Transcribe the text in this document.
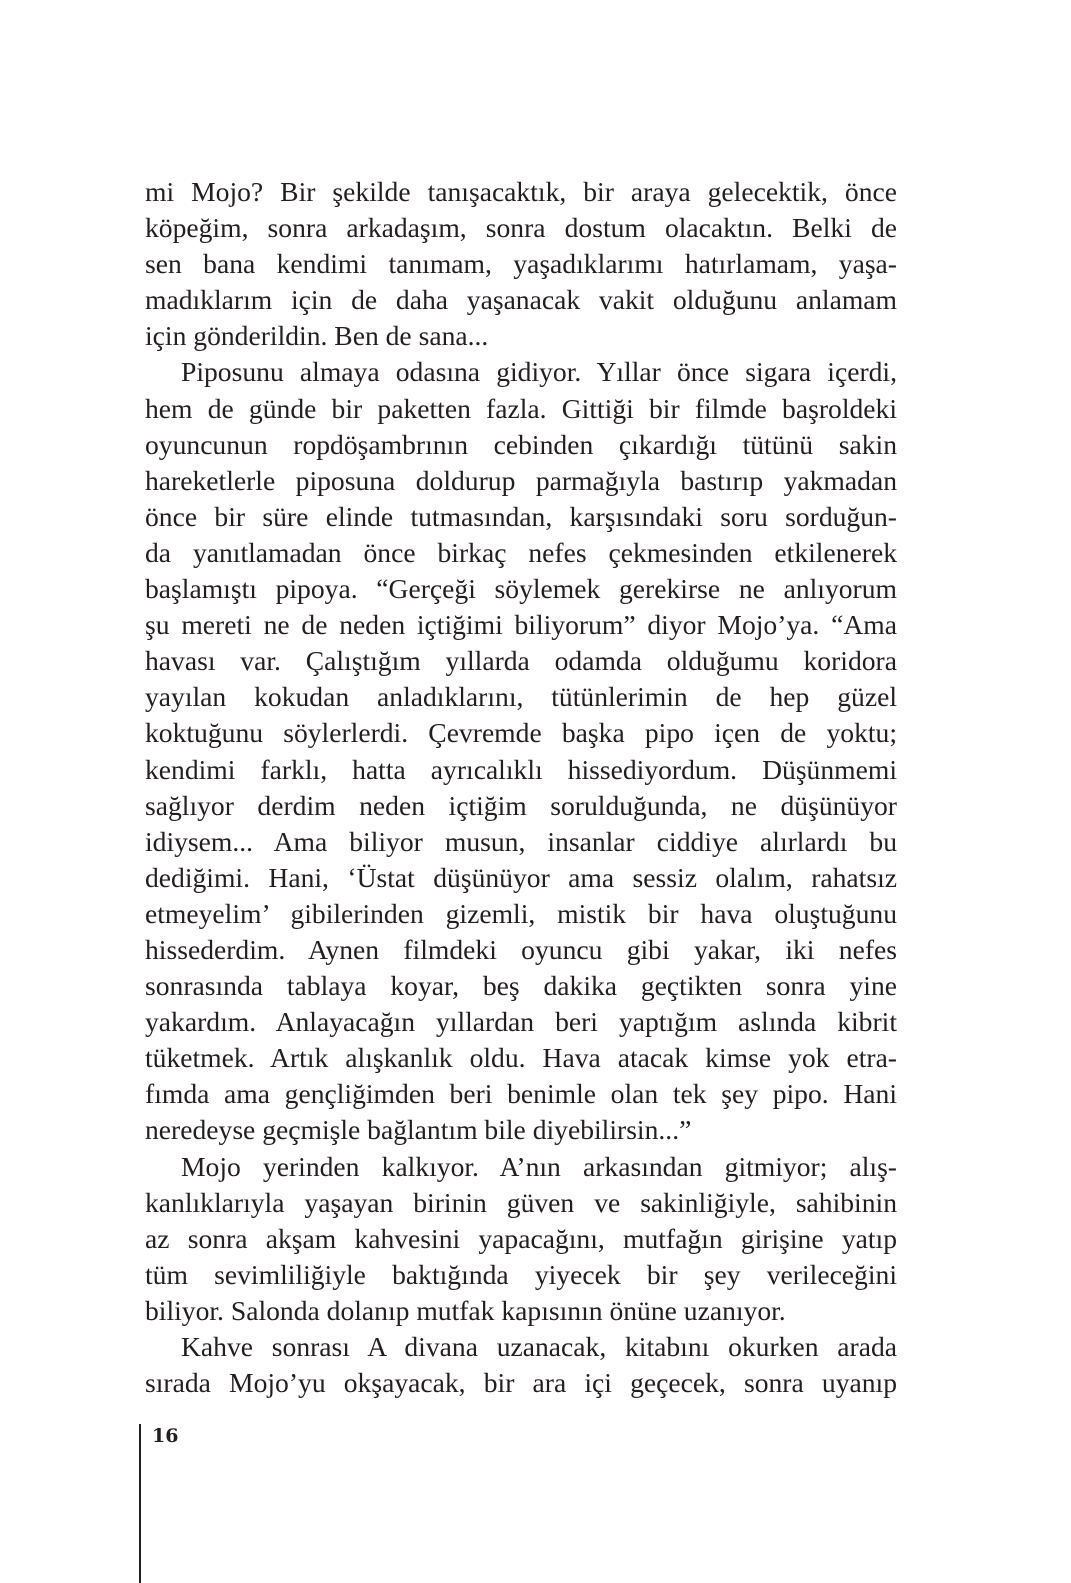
mi Mojo? Bir şekilde tanışacaktık, bir araya gelecektik, önce
köpeğim, sonra arkadaşım, sonra dostum olacaktın. Belki de
sen bana kendimi tanımam, yaşadıklarımı hatırlamam, yaşa-
madıklarım için de daha yaşanacak vakit olduğunu anlamam
için gönderildin. Ben de sana...
Piposunu almaya odasına gidiyor. Yıllar önce sigara içerdi,
hem de günde bir paketten fazla. Gittiği bir filmde başroldeki
oyuncunun ropdöşambrının cebinden çıkardığı tütünü sakin
hareketlerle piposuna doldurup parmağıyla bastırıp yakmadan
önce bir süre elinde tutmasından, karşısındaki soru sorduğun-
da yanıtlamadan önce birkaç nefes çekmesinden etkilenerek
başlamıştı pipoya. “Gerçeği söylemek gerekirse ne anlıyorum
şu mereti ne de neden içtiğimi biliyorum” diyor Mojo’ya. “Ama
havası var. Çalıştığım yıllarda odamda olduğumu koridora
yayılan kokudan anladıklarını, tütünlerimin de hep güzel
koktuğunu söylerlerdi. Çevremde başka pipo içen de yoktu;
kendimi farklı, hatta ayrıcalıklı hissediyordum. Düşünmemi
sağlıyor derdim neden içtiğim sorulduğunda, ne düşünüyor
idiysem... Ama biliyor musun, insanlar ciddiye alırlardı bu
dediğimi. Hani, ‘Üstat düşünüyor ama sessiz olalım, rahatsız
etmeyelim’ gibilerinden gizemli, mistik bir hava oluştuğunu
hissederdim. Aynen filmdeki oyuncu gibi yakar, iki nefes
sonrasında tablaya koyar, beş dakika geçtikten sonra yine
yakardım. Anlayacağın yıllardan beri yaptığım aslında kibrit
tüketmek. Artık alışkanlık oldu. Hava atacak kimse yok etra-
fımda ama gençliğimden beri benimle olan tek şey pipo. Hani
neredeyse geçmişle bağlantım bile diyebilirsin...”
Mojo yerinden kalkıyor. A’nın arkasından gitmiyor; alış-
kanlıklarıyla yaşayan birinin güven ve sakinliğiyle, sahibinin
az sonra akşam kahvesini yapacağını, mutfağın girişine yatıp
tüm sevimliliğiyle baktığında yiyecek bir şey verileceğini
biliyor. Salonda dolanıp mutfak kapısının önüne uzanıyor.
Kahve sonrası A divana uzanacak, kitabını okurken arada
sırada Mojo’yu okşayacak, bir ara içi geçecek, sonra uyanıp
16
